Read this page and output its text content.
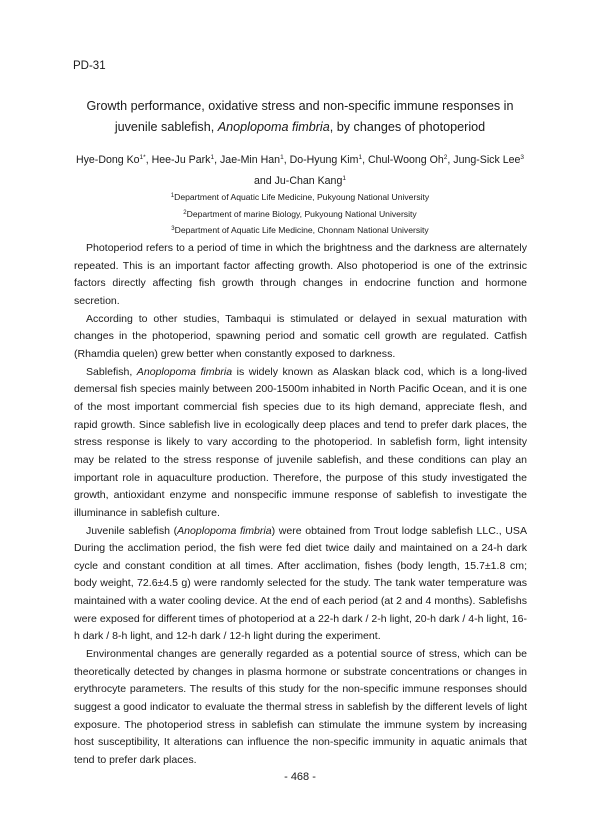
PD-31
Growth performance, oxidative stress and non-specific immune responses in juvenile sablefish, Anoplopoma fimbria, by changes of photoperiod
Hye-Dong $Ko^{1*}$, Hee-Ju Park$^1$, Jae-Min Han$^1$, Do-Hyung Kim$^1$, Chul-Woong Oh$^2$, Jung-Sick Lee$^3$
and Ju-Chan Kang$^1$
$^1$Department of Aquatic Life Medicine, Pukyoung National University
$^2$Department of marine Biology, Pukyoung National University
$^3$Department of Aquatic Life Medicine, Chonnam National University

Photoperiod refers to a period of time in which the brightness and the darkness are alternately repeated. This is an important factor affecting growth. Also photoperiod is one of the extrinsic factors directly affecting fish growth through changes in endocrine function and hormone secretion.

According to other studies, Tambaqui is stimulated or delayed in sexual maturation with changes in the photoperiod, spawning period and somatic cell growth are regulated. Catfish (Rhamdia quelen) grew better when constantly exposed to darkness.

Sablefish, Anoplopoma fimbria is widely known as Alaskan black cod, which is a long-lived demersal fish species mainly between 200-1500m inhabited in North Pacific Ocean, and it is one of the most important commercial fish species due to its high demand, appreciate flesh, and rapid growth. Since sablefish live in ecologically deep places and tend to prefer dark places, the stress response is likely to vary according to the photoperiod. In sablefish form, light intensity may be related to the stress response of juvenile sablefish, and these conditions can play an important role in aquaculture production. Therefore, the purpose of this study investigated the growth, antioxidant enzyme and nonspecific immune response of sablefish to investigate the illuminance in sablefish culture.

Juvenile sablefish (Anoplopoma fimbria) were obtained from Trout lodge sablefish LLC., USA During the acclimation period, the fish were fed diet twice daily and maintained on a 24-h dark cycle and constant condition at all times. After acclimation, fishes (body length, 15.7±1.8 cm; body weight, 72.6±4.5 g) were randomly selected for the study. The tank water temperature was maintained with a water cooling device. At the end of each period (at 2 and 4 months). Sablefishs were exposed for different times of photoperiod at a 22-h dark / 2-h light, 20-h dark / 4-h light, 16-h dark / 8-h light, and 12-h dark / 12-h light during the experiment.

Environmental changes are generally regarded as a potential source of stress, which can be theoretically detected by changes in plasma hormone or substrate concentrations or changes in erythrocyte parameters. The results of this study for the non-specific immune responses should suggest a good indicator to evaluate the thermal stress in sablefish by the different levels of light exposure. The photoperiod stress in sablefish can stimulate the immune system by increasing host susceptibility, It alterations can influence the non-specific immunity in aquatic animals that tend to prefer dark places.

- 468 -
